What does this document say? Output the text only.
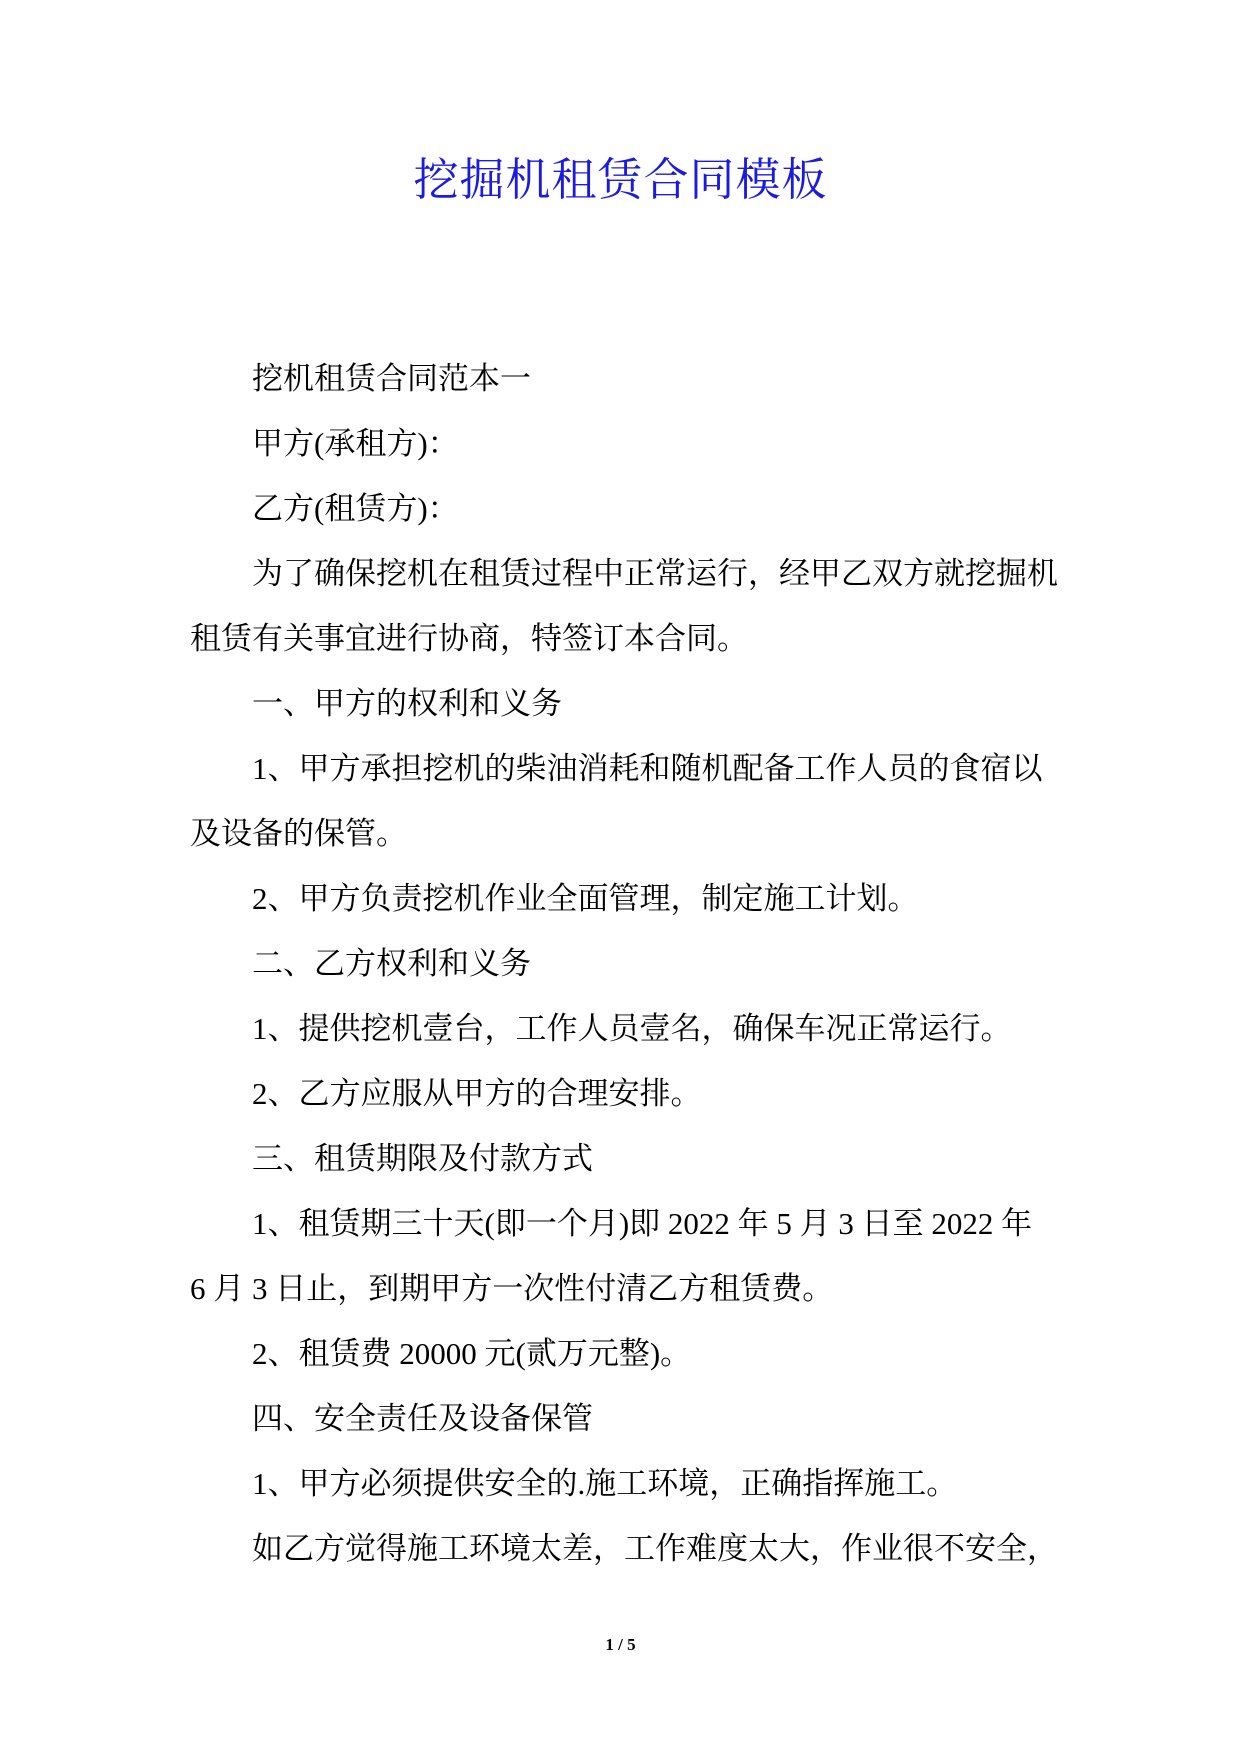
挖掘机租赁合同模板
挖机租赁合同范本一
甲方(承租方)：
乙方(租赁方)：
为了确保挖机在租赁过程中正常运行，经甲乙双方就挖掘机
租赁有关事宜进行协商，特签订本合同。
一、甲方的权利和义务
1、甲方承担挖机的柴油消耗和随机配备工作人员的食宿以
及设备的保管。
2、甲方负责挖机作业全面管理，制定施工计划。
二、乙方权利和义务
1、提供挖机壹台，工作人员壹名，确保车况正常运行。
2、乙方应服从甲方的合理安排。
三、租赁期限及付款方式
1、租赁期三十天(即一个月)即 2022 年 5 月 3 日至 2022 年
6 月 3 日止，到期甲方一次性付清乙方租赁费。
2、租赁费 20000 元(贰万元整)。
四、安全责任及设备保管
1、甲方必须提供安全的.施工环境，正确指挥施工。
如乙方觉得施工环境太差，工作难度太大，作业很不安全，
1 / 5
